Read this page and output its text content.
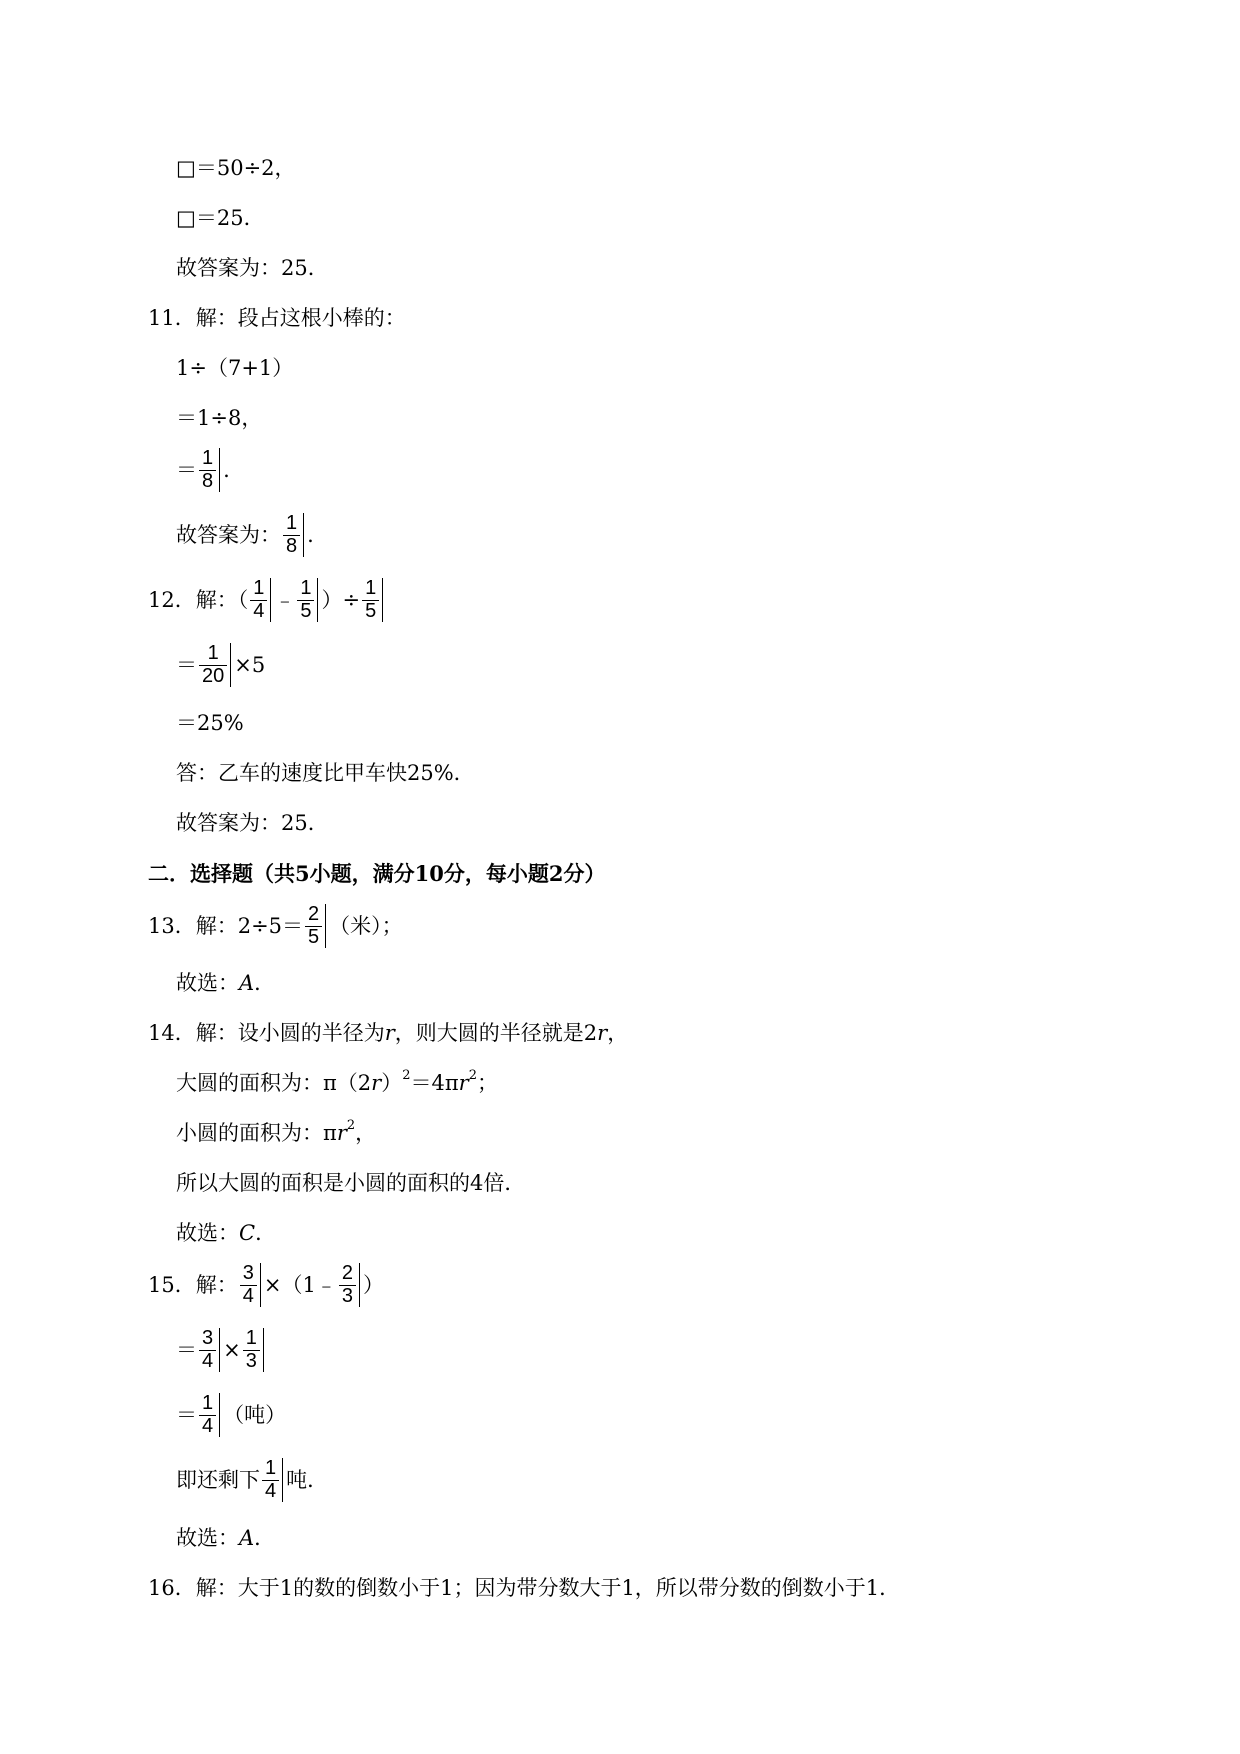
□＝50÷2，
□＝25．
故答案为：25．
11．解：段占这根小棒的：
1÷（7+1）
＝1÷8，
＝ $\frac{1}{8}$ .
故答案为： $\frac{1}{8}$ .
12．解：（ $\frac{1}{4}$ ﹣ $\frac{1}{5}$ ）÷ $\frac{1}{5}$
＝ $\frac{1}{20} \times 5$
＝25%
答：乙车的速度比甲车快25%．
故答案为：25．
二．选择题（共5小题，满分10分，每小题2分）
13．解：$2\div 5= \frac{2}{5}$ （米）；
故选： A ．
14．解：设小圆的半径为 r ，则大圆的半径就是2 r ，
大圆的面积为：π（2 r ）$^2$ ＝4π $r^2$ ；
小圆的面积为：π $r^2$ ，
所以大圆的面积是小圆的面积的4倍．
故选： C ．
15．解： $\frac{3}{4}$ ×（1﹣ $\frac{2}{3}$ ）
＝ $\frac{3}{4} \times \frac{1}{3}$
＝ $\frac{1}{4}$ （吨）
即还剩下 $\frac{1}{4}$ 吨．
故选： A ．
16．解：大于1的数的倒数小于1；因为带分数大于1，所以带分数的倒数小于1．
